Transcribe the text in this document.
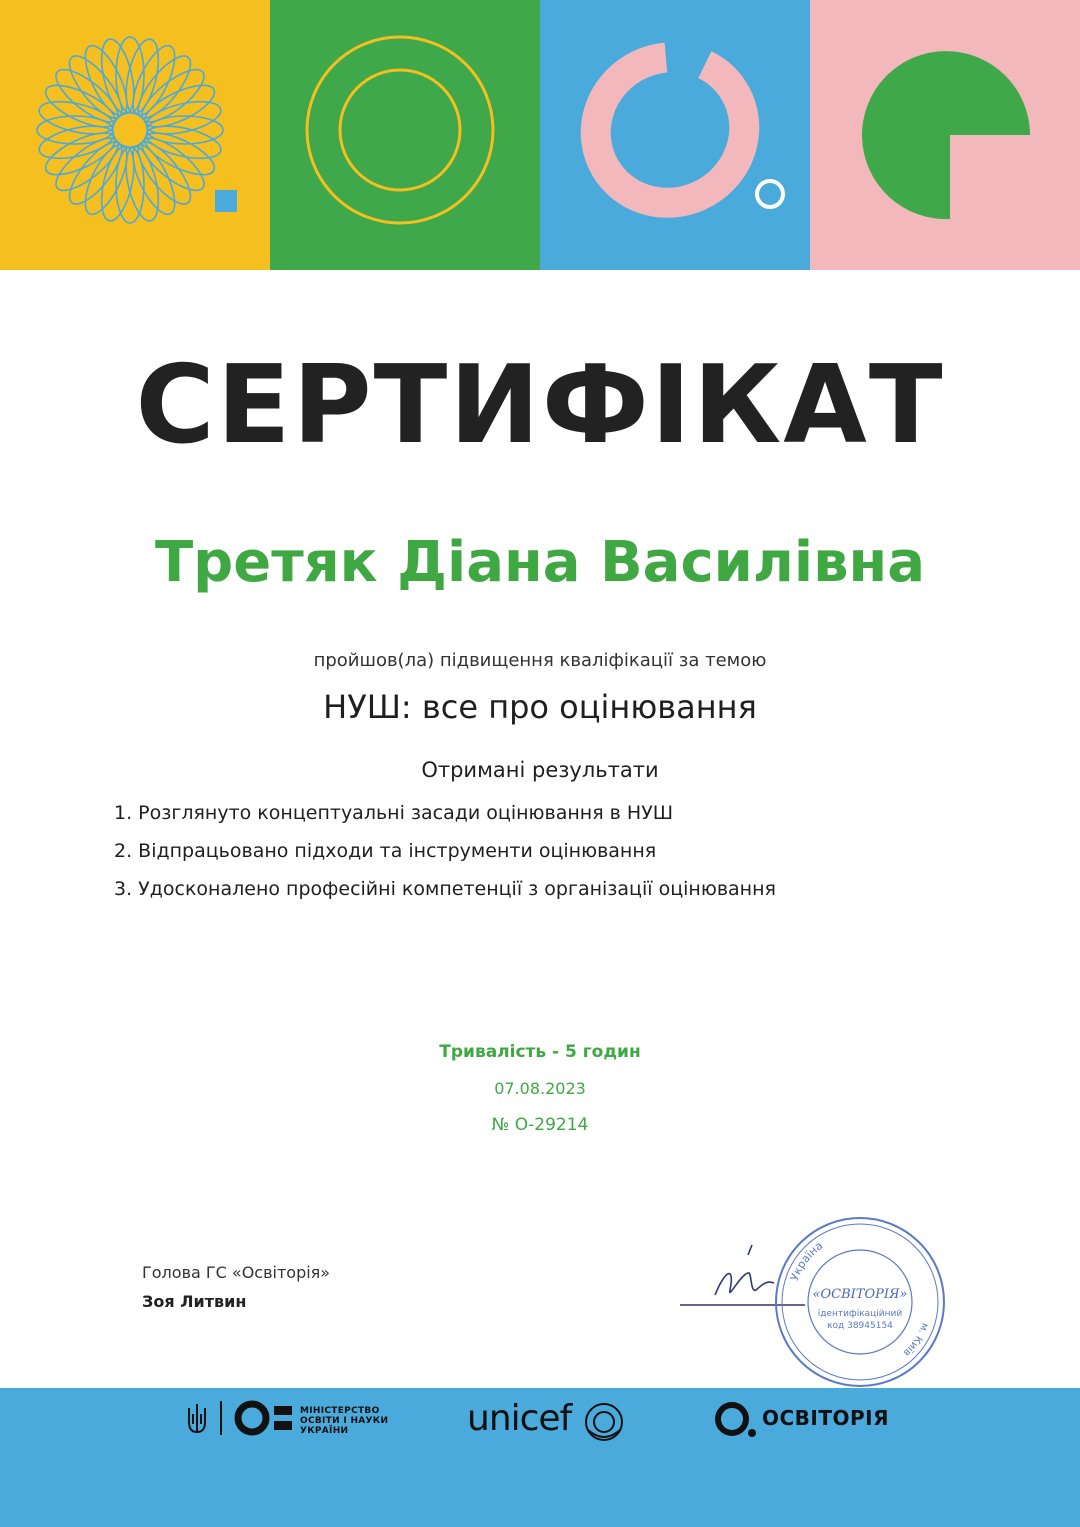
СЕРТИФІКАТ
Третяк Діана Василівна
пройшов(ла) підвищення кваліфікації за темою
НУШ: все про оцінювання
Отримані результати
1. Розглянуто концептуальні засади оцінювання в НУШ
2. Відпрацьовано підходи та інструменти оцінювання
3. Удосконалено професійні компетенції з організації оцінювання
Тривалість - 5 годин
07.08.2023
№ О-29214
Голова ГС «Освіторія»
Зоя Литвин
Україна
м. Київ
«ОСВІТОРІЯ»
ідентифікаційний
код 38945154
МІНІСТЕРСТВО
ОСВІТИ І НАУКИ
УКРАЇНИ	unicef	ОСВІТОРІЯ
